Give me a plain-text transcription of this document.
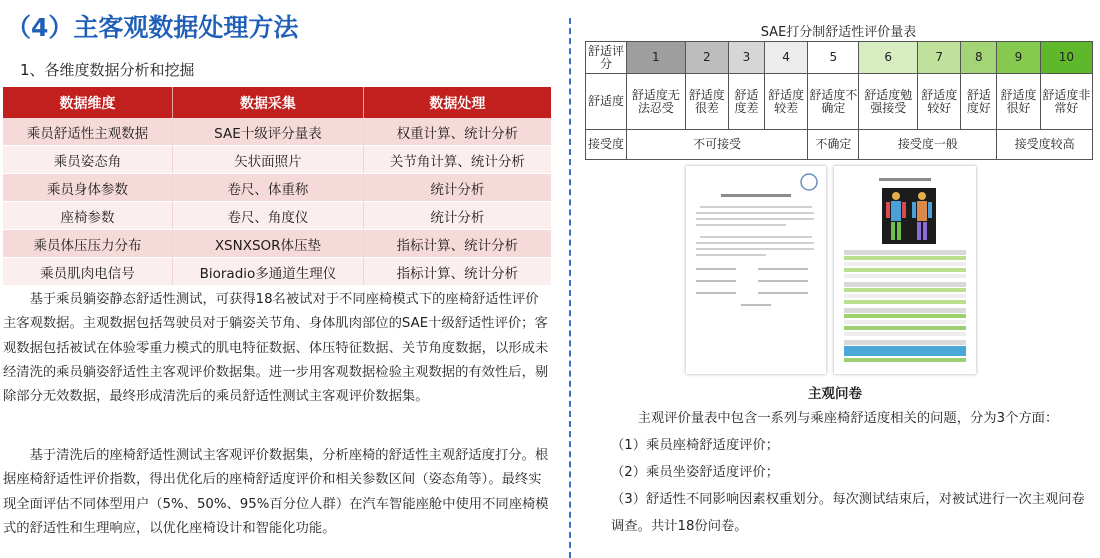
（4）主客观数据处理方法
1、各维度数据分析和挖掘
数据维度	数据采集	数据处理
乘员舒适性主观数据	SAE十级评分量表	权重计算、统计分析
乘员姿态角	矢状面照片	关节角计算、统计分析
乘员身体参数	卷尺、体重称	统计分析
座椅参数	卷尺、角度仪	统计分析
乘员体压压力分布	XSNXSOR体压垫	指标计算、统计分析
乘员肌肉电信号	Bioradio多通道生理仪	指标计算、统计分析
基于乘员躺姿静态舒适性测试，可获得18名被试对于不同座椅模式下的座椅舒适性评价主客观数据。主观数据包括驾驶员对于躺姿关节角、身体肌肉部位的SAE十级舒适性评价；客观数据包括被试在体验零重力模式的肌电特征数据、体压特征数据、关节角度数据，以形成未经清洗的乘员躺姿舒适性主客观评价数据集。进一步用客观数据检验主观数据的有效性后，剔除部分无效数据，最终形成清洗后的乘员舒适性测试主客观评价数据集。
基于清洗后的座椅舒适性测试主客观评价数据集，分析座椅的舒适性主观舒适度打分。根据座椅舒适性评价指数，得出优化后的座椅舒适度评价和相关参数区间（姿态角等）。最终实现全面评估不同体型用户（5%、50%、95%百分位人群）在汽车智能座舱中使用不同座椅模式的舒适性和生理响应，以优化座椅设计和智能化功能。
SAE打分制舒适性评价量表
舒适评分	1	2	3	4	5	6	7	8	9	10
舒适度	舒适度无法忍受	舒适度很差	舒适度差	舒适度较差	舒适度不确定	舒适度勉强接受	舒适度较好	舒适度好	舒适度很好	舒适度非常好
接受度	不可接受				不确定	接受度一般			接受度较高	
主观问卷
主观评价量表中包含一系列与乘座椅舒适度相关的问题，分为3个方面：
（1）乘员座椅舒适度评价；
（2）乘员坐姿舒适度评价；
（3）舒适性不同影响因素权重划分。每次测试结束后，对被试进行一次主观问卷调查。共计18份问卷。
